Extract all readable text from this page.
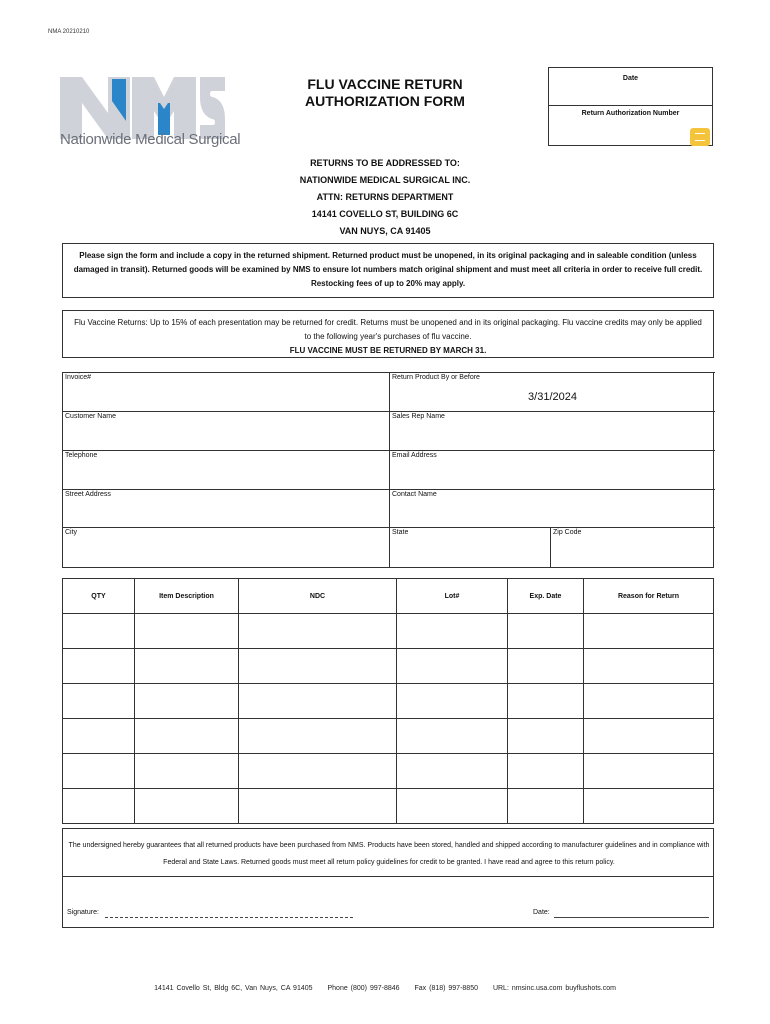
NMA 20210210
Nationwide Medical Surgical
FLU VACCINE RETURN
AUTHORIZATION FORM
Date
Return Authorization Number
RETURNS TO BE ADDRESSED TO:
NATIONWIDE MEDICAL SURGICAL INC.
ATTN: RETURNS DEPARTMENT
14141 COVELLO ST, BUILDING 6C
VAN NUYS, CA 91405
Please sign the form and include a copy in the returned shipment. Returned product must be unopened, in its original packaging and in saleable condition (unless damaged in transit). Returned goods will be examined by NMS to ensure lot numbers match original shipment and must meet all criteria in order to receive full credit. Restocking fees of up to 20% may apply.
Flu Vaccine Returns: Up to 15% of each presentation may be returned for credit. Returns must be unopened and in its original packaging. Flu vaccine credits may only be applied to the following year's purchases of flu vaccine.
FLU VACCINE MUST BE RETURNED BY MARCH 31.
Invoice#	Return Product By or Before
3/31/2024
Customer Name	Sales Rep Name
Telephone	Email Address
Street Address	Contact Name
City	State	Zip Code
QTY	Item Description	NDC	Lot#	Exp. Date	Reason for Return

The undersigned hereby guarantees that all returned products have been purchased from NMS. Products have been stored, handled and shipped according to manufacturer guidelines and in compliance with Federal and State Laws. Returned goods must meet all return policy guidelines for credit to be granted. I have read and agree to this return policy.
Signature:	Date:
14141 Covello St, Bldg 6C, Van Nuys, CA 91405 Phone (800) 997-8846 Fax (818) 997-8850 URL: nmsinc.usa.com buyflushots.com
